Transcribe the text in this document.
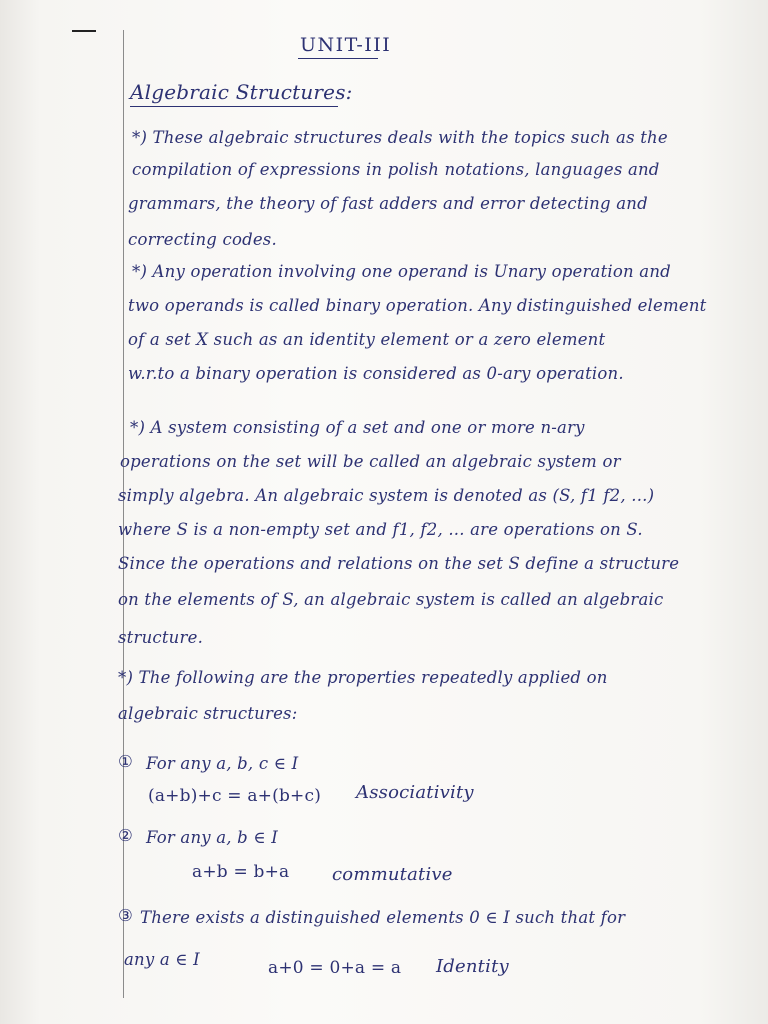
UNIT-III
Algebraic Structures:
*) These algebraic structures deals with the topics such as the
compilation of expressions in polish notations, languages and
grammars, the theory of fast adders and error detecting and
correcting codes.
*) Any operation involving one operand is Unary operation and
two operands is called binary operation. Any distinguished element
of a set X such as an identity element or a zero element
w.r.to a binary operation is considered as 0-ary operation.
*) A system consisting of a set and one or more n-ary
operations on the set will be called an algebraic system or
simply algebra. An algebraic system is denoted as (S, f1 f2, ...)
where S is a non-empty set and f1, f2, ... are operations on S.
Since the operations and relations on the set S define a structure
on the elements of S, an algebraic system is called an algebraic
structure.
*) The following are the properties repeatedly applied on
algebraic structures:
① For any a, b, c ∈ I
(a+b)+c = a+(b+c) Associativity
② For any a, b ∈ I
a+b = b+a commutative
③ There exists a distinguished elements 0 ∈ I such that for
any a ∈ I	a+0 = 0+a = a Identity
